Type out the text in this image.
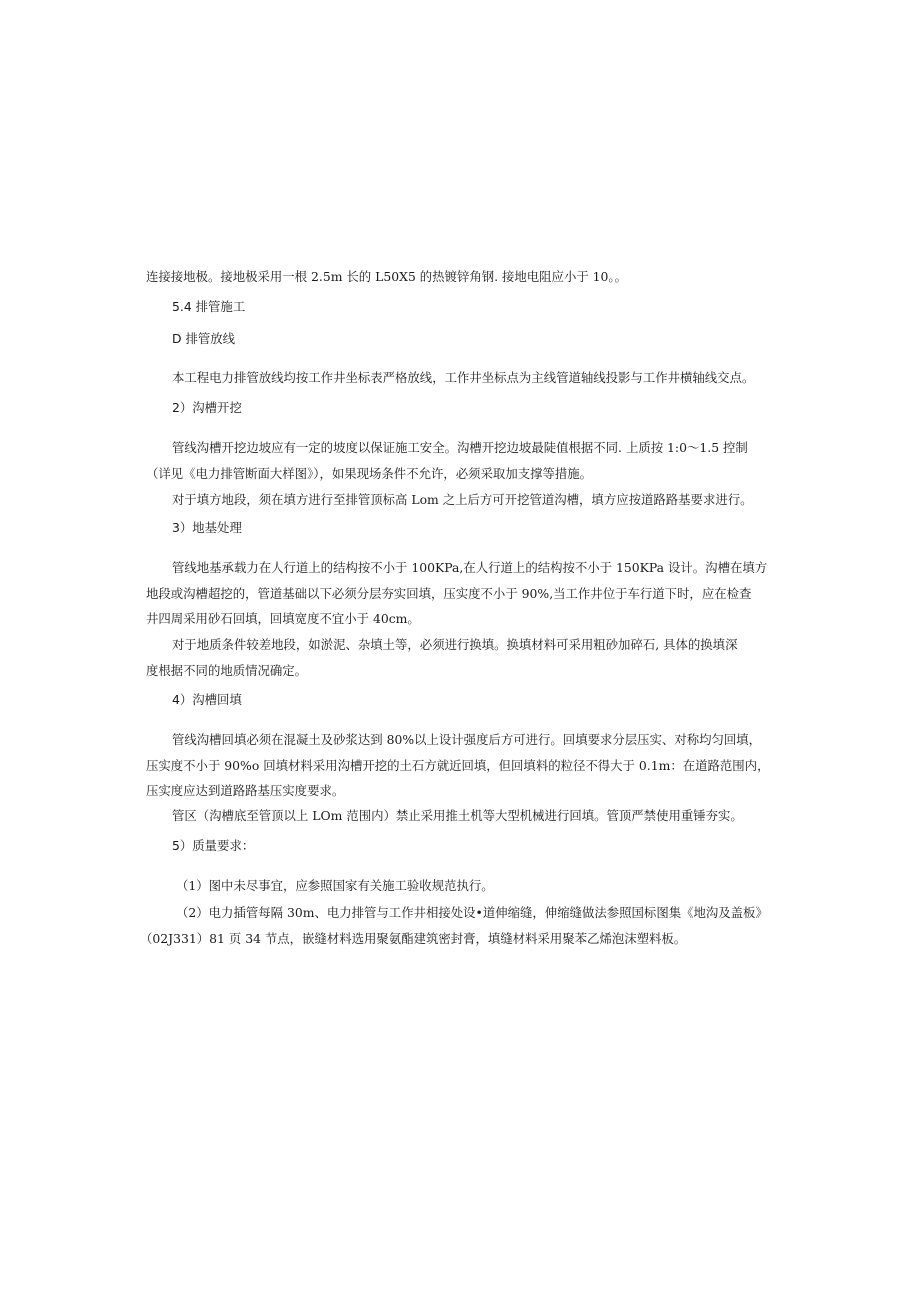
连接接地极。接地极采用一根 2.5m 长的 L50X5 的热镀锌角钢. 接地电阻应小于 10。。
5.4 排管施工
D 排管放线
本工程电力排管放线均按工作井坐标表严格放线，工作井坐标点为主线管道轴线投影与工作井横轴线交点。
2）沟槽开挖
管线沟槽开挖边坡应有一定的坡度以保证施工安全。沟槽开挖边坡最陡值根据不同. 上质按 1:0～1.5 控制
（详见《电力排管断面大样图》），如果现场条件不允许，必须采取加支撑等措施。
对于填方地段，须在填方进行至排管顶标高 Lom 之上后方可开挖管道沟槽，填方应按道路路基要求进行。
3）地基处理
管线地基承载力在人行道上的结构按不小于 100KPa,在人行道上的结构按不小于 150KPa 设计。沟槽在填方
地段或沟槽超挖的，管道基础以下必须分层夯实回填，压实度不小于 90%,当工作井位于车行道下时，应在检查
井四周采用砂石回填，回填宽度不宜小于 40cm。
对于地质条件较差地段，如淤泥、杂填土等，必须进行换填。换填材料可采用粗砂加碎石, 具体的换填深
度根据不同的地质情况确定。
4）沟槽回填
管线沟槽回填必须在混凝土及砂浆达到 80%以上设计强度后方可进行。回填要求分层压实、对称均匀回填，
压实度不小于 90%o 回填材料采用沟槽开挖的土石方就近回填，但回填料的粒径不得大于 0.1m：在道路范围内，
压实度应达到道路路基压实度要求。
管区（沟槽底至管顶以上 LOm 范围内）禁止采用推土机等大型机械进行回填。管顶严禁使用重锤夯实。
5）质量要求：
（1）图中未尽事宜，应参照国家有关施工验收规范执行。
（2）电力插管每隔 30m、电力排管与工作井相接处设•道伸缩缝，伸缩缝做法参照国标图集《地沟及盖板》
（02J331）81 页 34 节点，嵌缝材料选用聚氨酯建筑密封膏，填缝材料采用聚苯乙烯泡沫塑料板。
